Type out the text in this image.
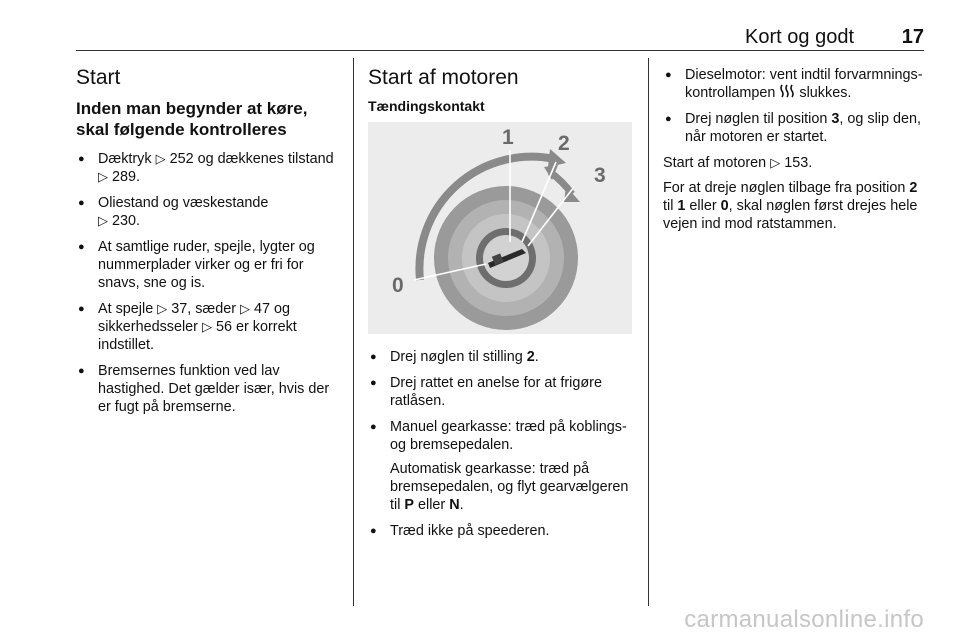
Kort og godt 17
Start
Inden man begynder at køre, skal følgende kontrolleres
● Dæktryk ▷ 252 og dækkenes tilstand ▷ 289.
● Oliestand og væskestande
▷ 230.
● At samtlige ruder, spejle, lygter og nummerplader virker og er fri for snavs, sne og is.
● At spejle ▷ 37, sæder ▷ 47 og sikkerhedsseler ▷ 56 er korrekt indstillet.
● Bremsernes funktion ved lav hastighed. Det gælder især, hvis der er fugt på bremserne.
Start af motoren
Tændingskontakt
1 2
3
0
● Drej nøglen til stilling 2.
● Drej rattet en anelse for at frigøre ratlåsen.
● Manuel gearkasse: træd på koblings- og bremsepedalen.
Automatisk gearkasse: træd på bremsepedalen, og flyt gearvælgeren til P eller N.
● Træd ikke på speederen.
● Dieselmotor: vent indtil forvarmnings-kontrollampen slukkes.
● Drej nøglen til position 3, og slip den, når motoren er startet.

Start af motoren ▷ 153.

For at dreje nøglen tilbage fra position 2 til 1 eller 0, skal nøglen først drejes hele vejen ind mod ratstammen.

carmanualsonline.info
